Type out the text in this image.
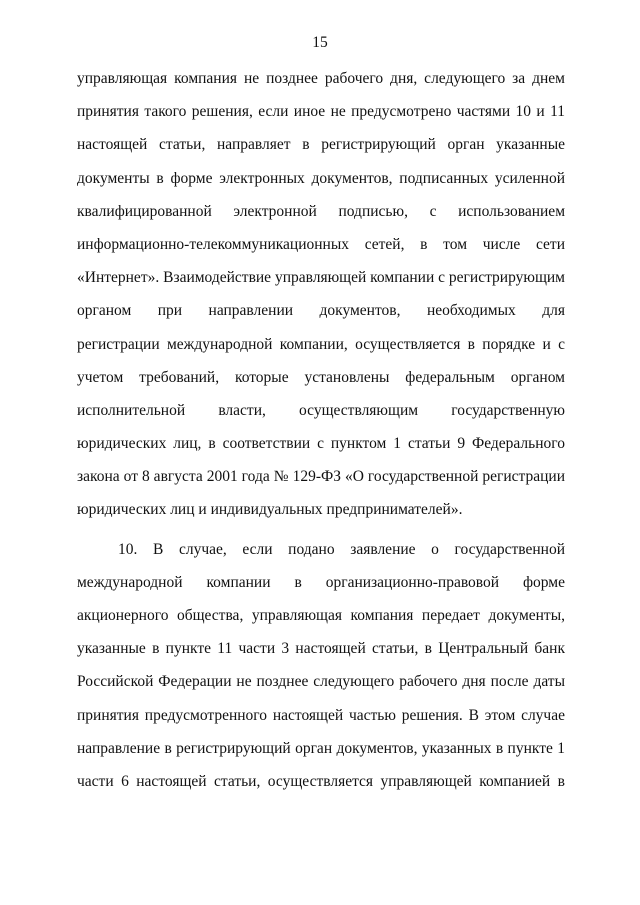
15
управляющая компания не позднее рабочего дня, следующего за днем
принятия такого решения, если иное не предусмотрено частями 10 и 11
настоящей статьи, направляет в регистрирующий орган указанные
документы в форме электронных документов, подписанных усиленной
квалифицированной электронной подписью, с использованием
информационно-телекоммуникационных сетей, в том числе сети
«Интернет». Взаимодействие управляющей компании с регистрирующим
органом при направлении документов, необходимых для
регистрации международной компании, осуществляется в порядке и с
учетом требований, которые установлены федеральным органом
исполнительной власти, осуществляющим государственную
юридических лиц, в соответствии с пунктом 1 статьи 9 Федерального
закона от 8 августа 2001 года № 129-ФЗ «О государственной регистрации
юридических лиц и индивидуальных предпринимателей».
10. В случае, если подано заявление о государственной
международной компании в организационно-правовой форме
акционерного общества, управляющая компания передает документы,
указанные в пункте 11 части 3 настоящей статьи, в Центральный банк
Российской Федерации не позднее следующего рабочего дня после даты
принятия предусмотренного настоящей частью решения. В этом случае
направление в регистрирующий орган документов, указанных в пункте 1
части 6 настоящей статьи, осуществляется управляющей компанией в
